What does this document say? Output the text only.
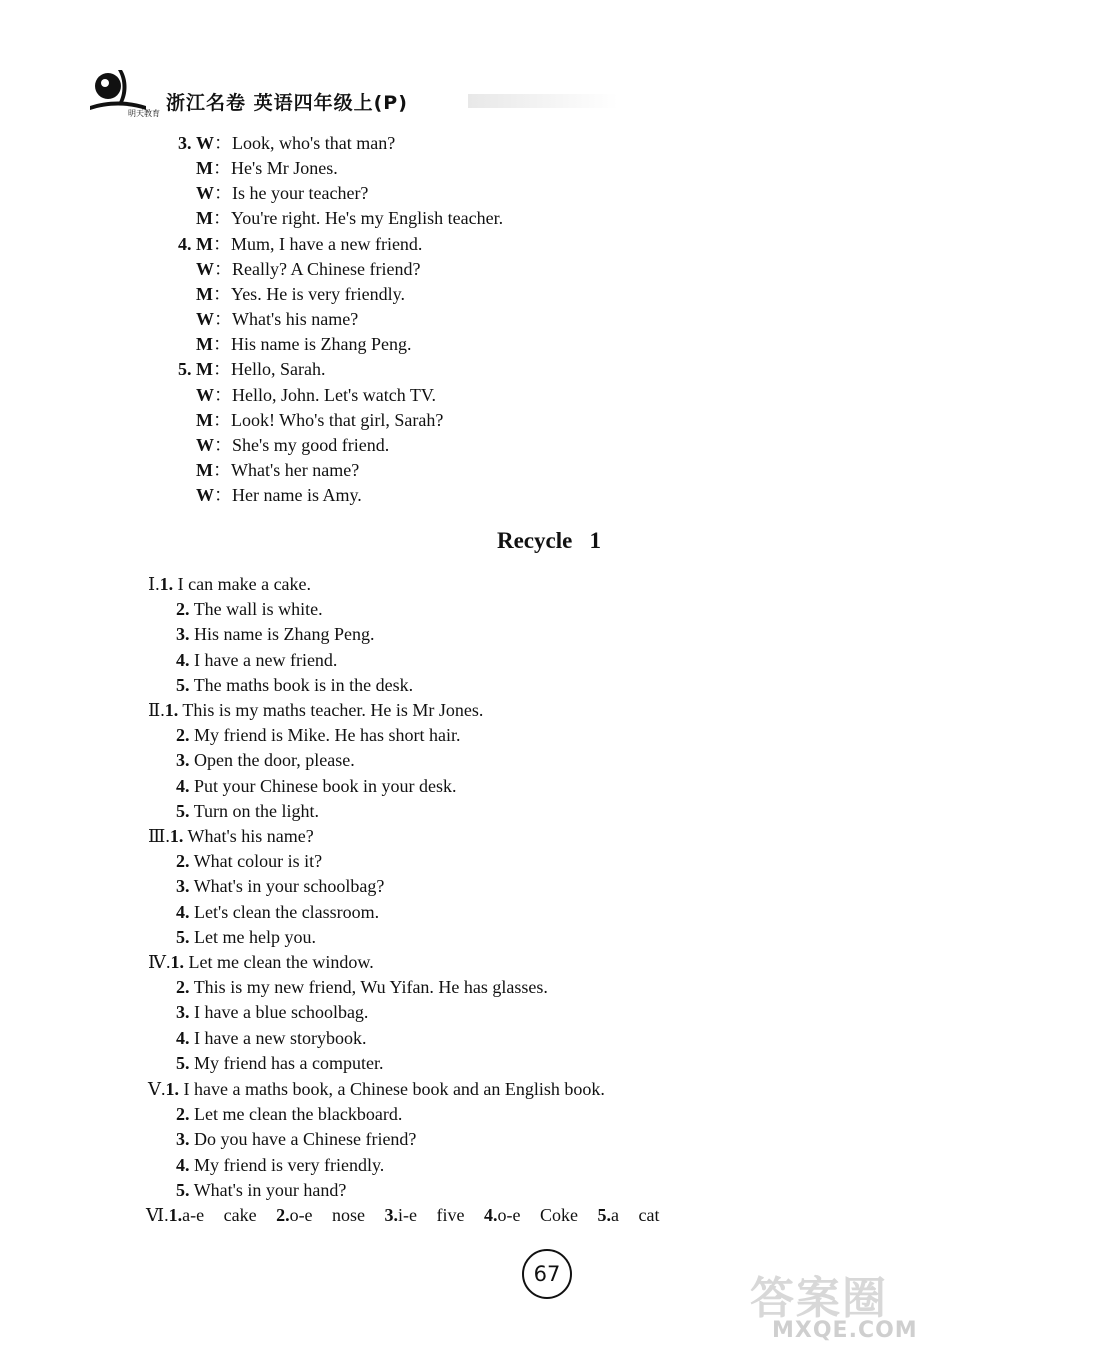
明天教育 浙江名卷 英语四年级上(P)
3. W：Look, who's that man?
M：He's Mr Jones.
W：Is he your teacher?
M：You're right. He's my English teacher.
4. M：Mum, I have a new friend.
W：Really? A Chinese friend?
M：Yes. He is very friendly.
W：What's his name?
M：His name is Zhang Peng.
5. M：Hello, Sarah.
W：Hello, John. Let's watch TV.
M：Look! Who's that girl, Sarah?
W：She's my good friend.
M：What's her name?
W：Her name is Amy.
Recycle   1
Ⅰ.1. I can make a cake.
2. The wall is white.
3. His name is Zhang Peng.
4. I have a new friend.
5. The maths book is in the desk.
Ⅱ.1. This is my maths teacher. He is Mr Jones.
2. My friend is Mike. He has short hair.
3. Open the door, please.
4. Put your Chinese book in your desk.
5. Turn on the light.
Ⅲ.1. What's his name?
2. What colour is it?
3. What's in your schoolbag?
4. Let's clean the classroom.
5. Let me help you.
Ⅳ.1. Let me clean the window.
2. This is my new friend, Wu Yifan. He has glasses.
3. I have a blue schoolbag.
4. I have a new storybook.
5. My friend has a computer.
Ⅴ.1. I have a maths book, a Chinese book and an English book.
2. Let me clean the blackboard.
3. Do you have a Chinese friend?
4. My friend is very friendly.
5. What's in your hand?
Ⅵ.1.a-e cake 2.o-e nose 3.i-e five 4.o-e Coke 5.a cat
67	答案圈
MXQE.COM
